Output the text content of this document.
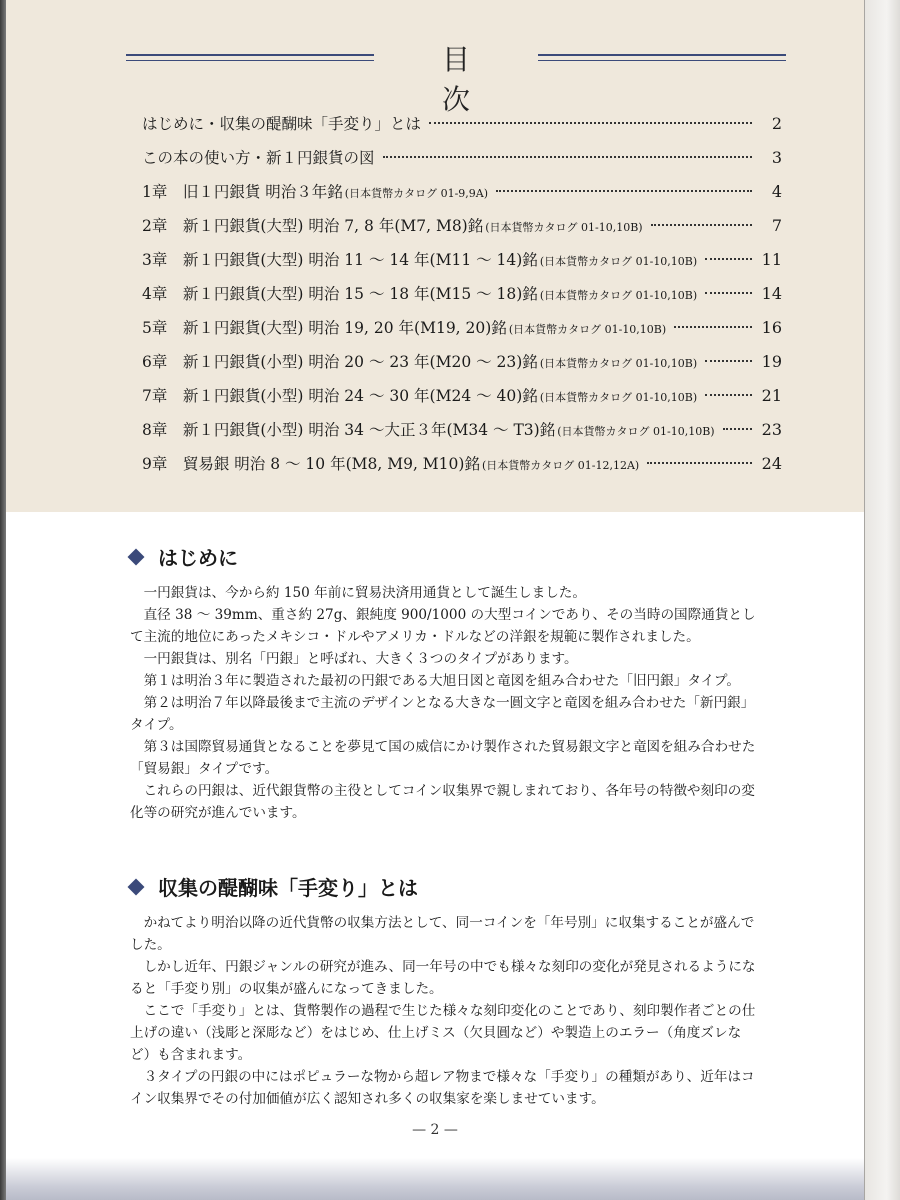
目次
はじめに・収集の醍醐味「手変り」とは	2
この本の使い方・新１円銀貨の図	3
1章　旧１円銀貨 明治３年銘 (日本貨幣カタログ 01-9,9A)	4
2章　新１円銀貨(大型) 明治 7, 8 年(M7, M8)銘 (日本貨幣カタログ 01-10,10B)	7
3章　新１円銀貨(大型) 明治 11 〜 14 年(M11 〜 14)銘 (日本貨幣カタログ 01-10,10B)	11
4章　新１円銀貨(大型) 明治 15 〜 18 年(M15 〜 18)銘 (日本貨幣カタログ 01-10,10B)	14
5章　新１円銀貨(大型) 明治 19, 20 年(M19, 20)銘 (日本貨幣カタログ 01-10,10B)	16
6章　新１円銀貨(小型) 明治 20 〜 23 年(M20 〜 23)銘 (日本貨幣カタログ 01-10,10B)	19
7章　新１円銀貨(小型) 明治 24 〜 30 年(M24 〜 40)銘 (日本貨幣カタログ 01-10,10B)	21
8章　新１円銀貨(小型) 明治 34 〜大正３年(M34 〜 T3)銘 (日本貨幣カタログ 01-10,10B)	23
9章　貿易銀 明治 8 〜 10 年(M8, M9, M10)銘 (日本貨幣カタログ 01-12,12A)	24
はじめに

一円銀貨は、今から約 150 年前に貿易決済用通貨として誕生しました。

直径 38 〜 39mm、重さ約 27g、銀純度 900/1000 の大型コインであり、その当時の国際通貨として主流的地位にあったメキシコ・ドルやアメリカ・ドルなどの洋銀を規範に製作されました。

一円銀貨は、別名「円銀」と呼ばれ、大きく３つのタイプがあります。

第１は明治３年に製造された最初の円銀である大旭日図と竜図を組み合わせた「旧円銀」タイプ。

第２は明治７年以降最後まで主流のデザインとなる大きな一圓文字と竜図を組み合わせた「新円銀」タイプ。

第３は国際貿易通貨となることを夢見て国の威信にかけ製作された貿易銀文字と竜図を組み合わせた「貿易銀」タイプです。

これらの円銀は、近代銀貨幣の主役としてコイン収集界で親しまれており、各年号の特徴や刻印の変化等の研究が進んでいます。

収集の醍醐味「手変り」とは

かねてより明治以降の近代貨幣の収集方法として、同一コインを「年号別」に収集することが盛んでした。

しかし近年、円銀ジャンルの研究が進み、同一年号の中でも様々な刻印の変化が発見されるようになると「手変り別」の収集が盛んになってきました。

ここで「手変り」とは、貨幣製作の過程で生じた様々な刻印変化のことであり、刻印製作者ごとの仕上げの違い（浅彫と深彫など）をはじめ、仕上げミス（欠貝圓など）や製造上のエラー（角度ズレなど）も含まれます。

３タイプの円銀の中にはポピュラーな物から超レア物まで様々な「手変り」の種類があり、近年はコイン収集界でその付加価値が広く認知され多くの収集家を楽しませています。

— 2 —
